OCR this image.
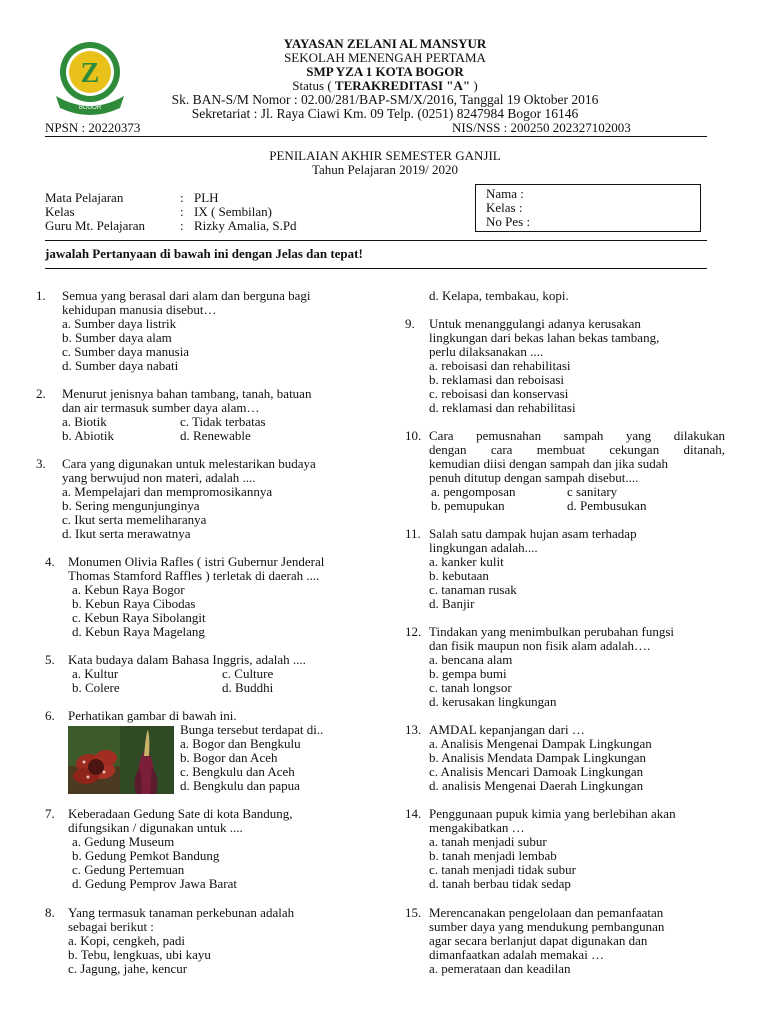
Z
BOGOR
YAYASAN ZELANI AL MANSYUR
SEKOLAH MENENGAH PERTAMA
SMP YZA 1 KOTA BOGOR
Status ( TERAKREDITASI "A" )
Sk. BAN-S/M Nomor : 02.00/281/BAP-SM/X/2016, Tanggal 19 Oktober 2016
Sekretariat : Jl. Raya Ciawi Km. 09 Telp. (0251) 8247984 Bogor 16146
NPSN : 20220373	NIS/NSS : 200250 202327102003
PENILAIAN AKHIR SEMESTER GANJIL
Tahun Pelajaran 2019/ 2020
Mata Pelajaran	: PLH
Kelas	: IX ( Sembilan)
Guru Mt. Pelajaran	: Rizky Amalia, S.Pd
Nama :
Kelas :
No Pes :
jawalah Pertanyaan di bawah ini dengan Jelas dan tepat!
1. Semua yang berasal dari alam dan berguna bagi
kehidupan manusia disebut…
a. Sumber daya listrik
b. Sumber daya alam
c. Sumber daya manusia
d. Sumber daya nabati
2. Menurut jenisnya bahan tambang, tanah, batuan
dan air termasuk sumber daya alam…
a. Biotik
b. Abiotik
c. Tidak terbatas
d. Renewable
3. Cara yang digunakan untuk melestarikan budaya
yang berwujud non materi, adalah ....
a. Mempelajari dan mempromosikannya
b. Sering mengunjunginya
c. Ikut serta memeliharanya
d. Ikut serta merawatnya
4. Monumen Olivia Rafles ( istri Gubernur Jenderal
Thomas Stamford Raffles ) terletak di daerah ....
a. Kebun Raya Bogor
b. Kebun Raya Cibodas
c. Kebun Raya Sibolangit
d. Kebun Raya Magelang
5. Kata budaya dalam Bahasa Inggris, adalah ....
a. Kultur
b. Colere
c. Culture
d. Buddhi
6. Perhatikan gambar di bawah ini.
Bunga tersebut terdapat di..
a. Bogor dan Bengkulu
b. Bogor dan Aceh
c. Bengkulu dan Aceh
d. Bengkulu dan papua
7. Keberadaan Gedung Sate di kota Bandung,
difungsikan / digunakan untuk ....
a. Gedung Museum
b. Gedung Pemkot Bandung
c. Gedung Pertemuan
d. Gedung Pemprov Jawa Barat
8. Yang termasuk tanaman perkebunan adalah
sebagai berikut :
a. Kopi, cengkeh, padi
b. Tebu, lengkuas, ubi kayu
c. Jagung, jahe, kencur
d. Kelapa, tembakau, kopi.
9. Untuk menanggulangi adanya kerusakan
lingkungan dari bekas lahan bekas tambang,
perlu dilaksanakan ....
a. reboisasi dan rehabilitasi
b. reklamasi dan reboisasi
c. reboisasi dan konservasi
d. reklamasi dan rehabilitasi
10. Cara pemusnahan sampah yang dilakukan
dengan cara membuat cekungan ditanah,
kemudian diisi dengan sampah dan jika sudah
penuh ditutup dengan sampah disebut....
a. pengomposan
b. pemupukan
c sanitary
d. Pembusukan
11. Salah satu dampak hujan asam terhadap
lingkungan adalah....
a. kanker kulit
b. kebutaan
c. tanaman rusak
d. Banjir
12. Tindakan yang menimbulkan perubahan fungsi
dan fisik maupun non fisik alam adalah….
a. bencana alam
b. gempa bumi
c. tanah longsor
d. kerusakan lingkungan
13. AMDAL kepanjangan dari …
a. Analisis Mengenai Dampak Lingkungan
b. Analisis Mendata Dampak Lingkungan
c. Analisis Mencari Damoak Lingkungan
d. analisis Mengenai Daerah Lingkungan
14. Penggunaan pupuk kimia yang berlebihan akan
mengakibatkan …
a. tanah menjadi subur
b. tanah menjadi lembab
c. tanah menjadi tidak subur
d. tanah berbau tidak sedap
15. Merencanakan pengelolaan dan pemanfaatan
sumber daya yang mendukung pembangunan
agar secara berlanjut dapat digunakan dan
dimanfaatkan adalah memakai …
a. pemerataan dan keadilan
